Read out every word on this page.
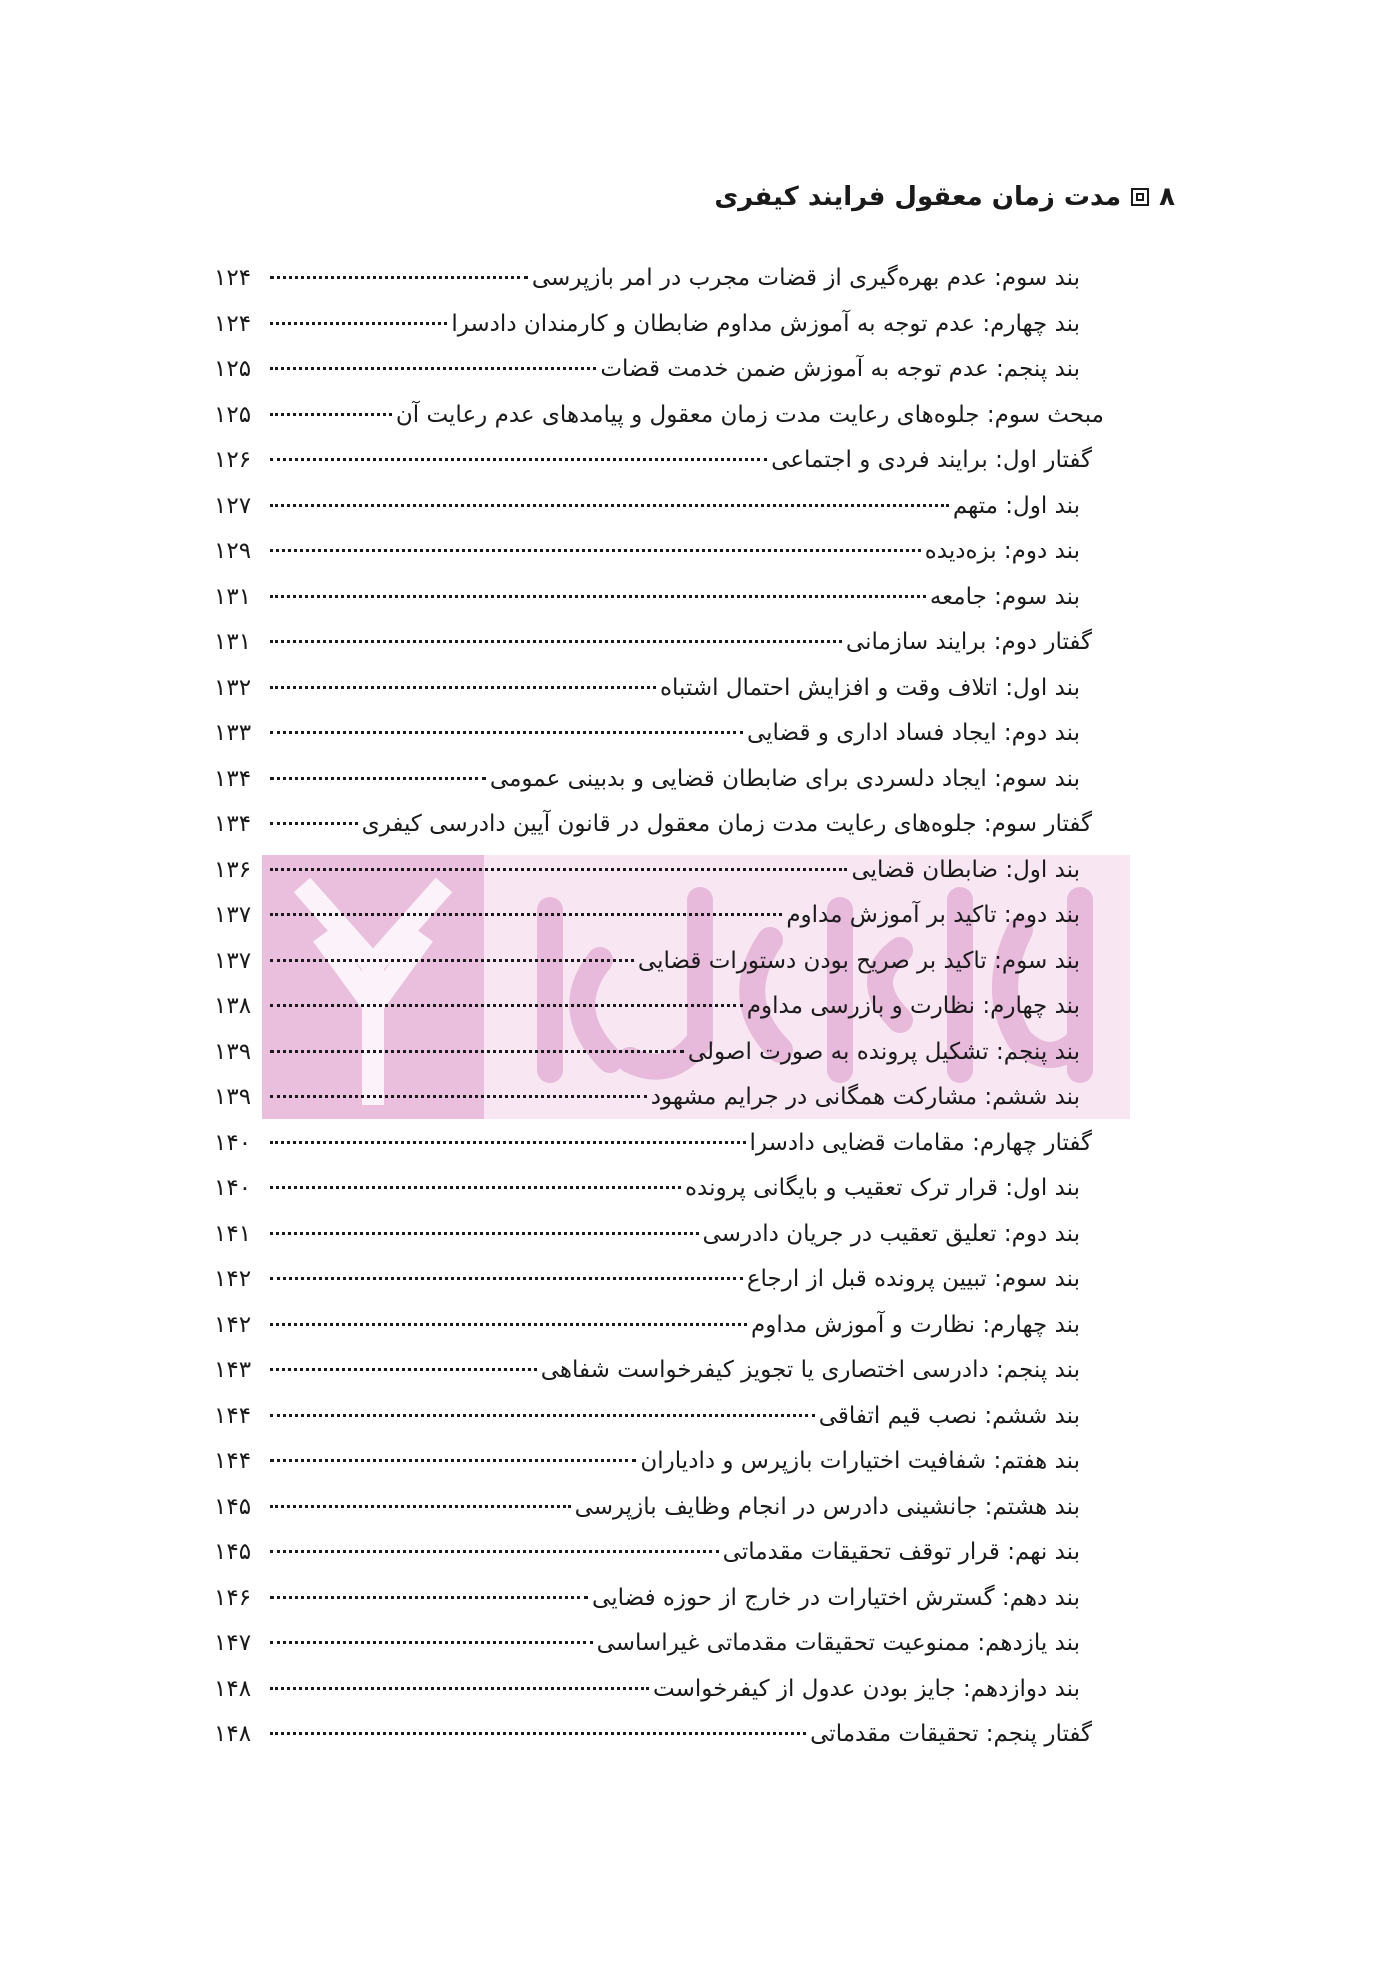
۸
مدت زمان معقول فرایند کیفری
بند سوم: عدم بهره‌گیری از قضات مجرب در امر بازپرسی
۱۲۴
بند چهارم: عدم توجه به آموزش مداوم ضابطان و کارمندان دادسرا
۱۲۴
بند پنجم: عدم توجه به آموزش ضمن خدمت قضات
۱۲۵
مبحث سوم: جلوه‌های رعایت مدت زمان معقول و پیامدهای عدم رعایت آن
۱۲۵
گفتار اول: برایند فردی و اجتماعی
۱۲۶
بند اول: متهم
۱۲۷
بند دوم: بزه‌دیده
۱۲۹
بند سوم: جامعه
۱۳۱
گفتار دوم: برایند سازمانی
۱۳۱
بند اول: اتلاف وقت و افزایش احتمال اشتباه
۱۳۲
بند دوم: ایجاد فساد اداری و قضایی
۱۳۳
بند سوم: ایجاد دلسردی برای ضابطان قضایی و بدبینی عمومی
۱۳۴
گفتار سوم: جلوه‌های رعایت مدت زمان معقول در قانون آیین دادرسی کیفری
۱۳۴
بند اول: ضابطان قضایی
۱۳۶
بند دوم: تاکید بر آموزش مداوم
۱۳۷
بند سوم: تاکید بر صریح بودن دستورات قضایی
۱۳۷
بند چهارم: نظارت و بازرسی مداوم
۱۳۸
بند پنجم: تشکیل پرونده به صورت اصولی
۱۳۹
بند ششم: مشارکت همگانی در جرایم مشهود
۱۳۹
گفتار چهارم: مقامات قضایی دادسرا
۱۴۰
بند اول: قرار ترک تعقیب و بایگانی پرونده
۱۴۰
بند دوم: تعلیق تعقیب در جریان دادرسی
۱۴۱
بند سوم: تبیین پرونده قبل از ارجاع
۱۴۲
بند چهارم: نظارت و آموزش مداوم
۱۴۲
بند پنجم: دادرسی اختصاری یا تجویز کیفرخواست شفاهی
۱۴۳
بند ششم: نصب قیم اتفاقی
۱۴۴
بند هفتم: شفافیت اختیارات بازپرس و دادیاران
۱۴۴
بند هشتم: جانشینی دادرس در انجام وظایف بازپرسی
۱۴۵
بند نهم: قرار توقف تحقیقات مقدماتی
۱۴۵
بند دهم: گسترش اختیارات در خارج از حوزه فضایی
۱۴۶
بند یازدهم: ممنوعیت تحقیقات مقدماتی غیراساسی
۱۴۷
بند دوازدهم: جایز بودن عدول از کیفرخواست
۱۴۸
گفتار پنجم: تحقیقات مقدماتی
۱۴۸
